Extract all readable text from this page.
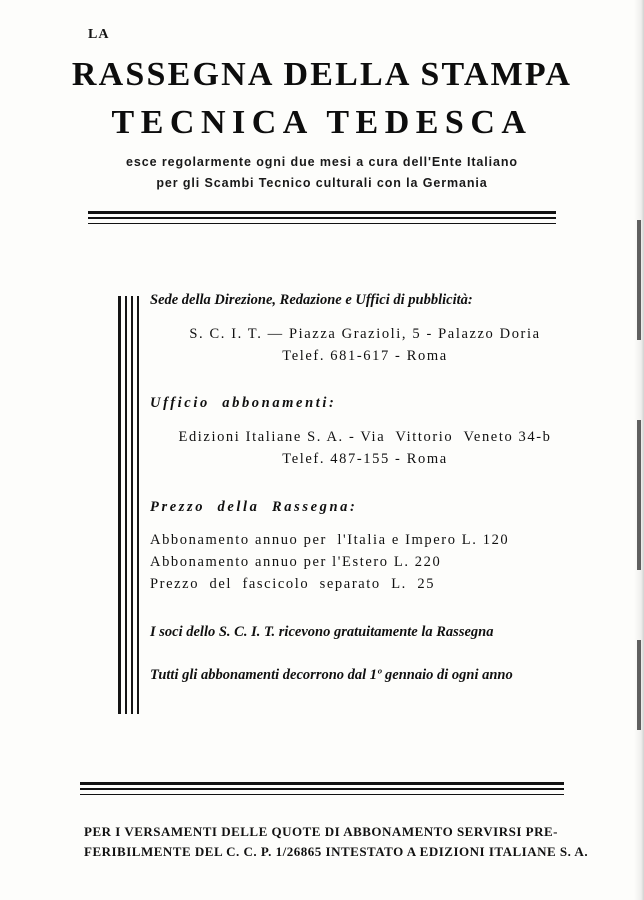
LA
RASSEGNA DELLA STAMPA
TECNICA TEDESCA
esce regolarmente ogni due mesi a cura dell'Ente Italiano
per gli Scambi Tecnico culturali con la Germania
Sede della Direzione, Redazione e Uffici di pubblicità:
S. C. I. T. — Piazza Grazioli, 5 - Palazzo Doria
Telef. 681-617 - Roma
Ufficio  abbonamenti:
Edizioni Italiane S. A. - Via  Vittorio  Veneto 34-b
Telef. 487-155 - Roma
Prezzo  della  Rassegna:
Abbonamento annuo per  l'Italia e Impero L. 120
Abbonamento annuo per l'Estero L. 220
Prezzo  del  fascicolo  separato  L.  25
I soci dello S. C. I. T. ricevono gratuitamente la Rassegna
Tutti gli abbonamenti decorrono dal 1º gennaio di ogni anno
PER I VERSAMENTI DELLE QUOTE DI ABBONAMENTO SERVIRSI PRE-
FERIBILMENTE DEL C. C. P. 1/26865 INTESTATO A EDIZIONI ITALIANE S. A.
